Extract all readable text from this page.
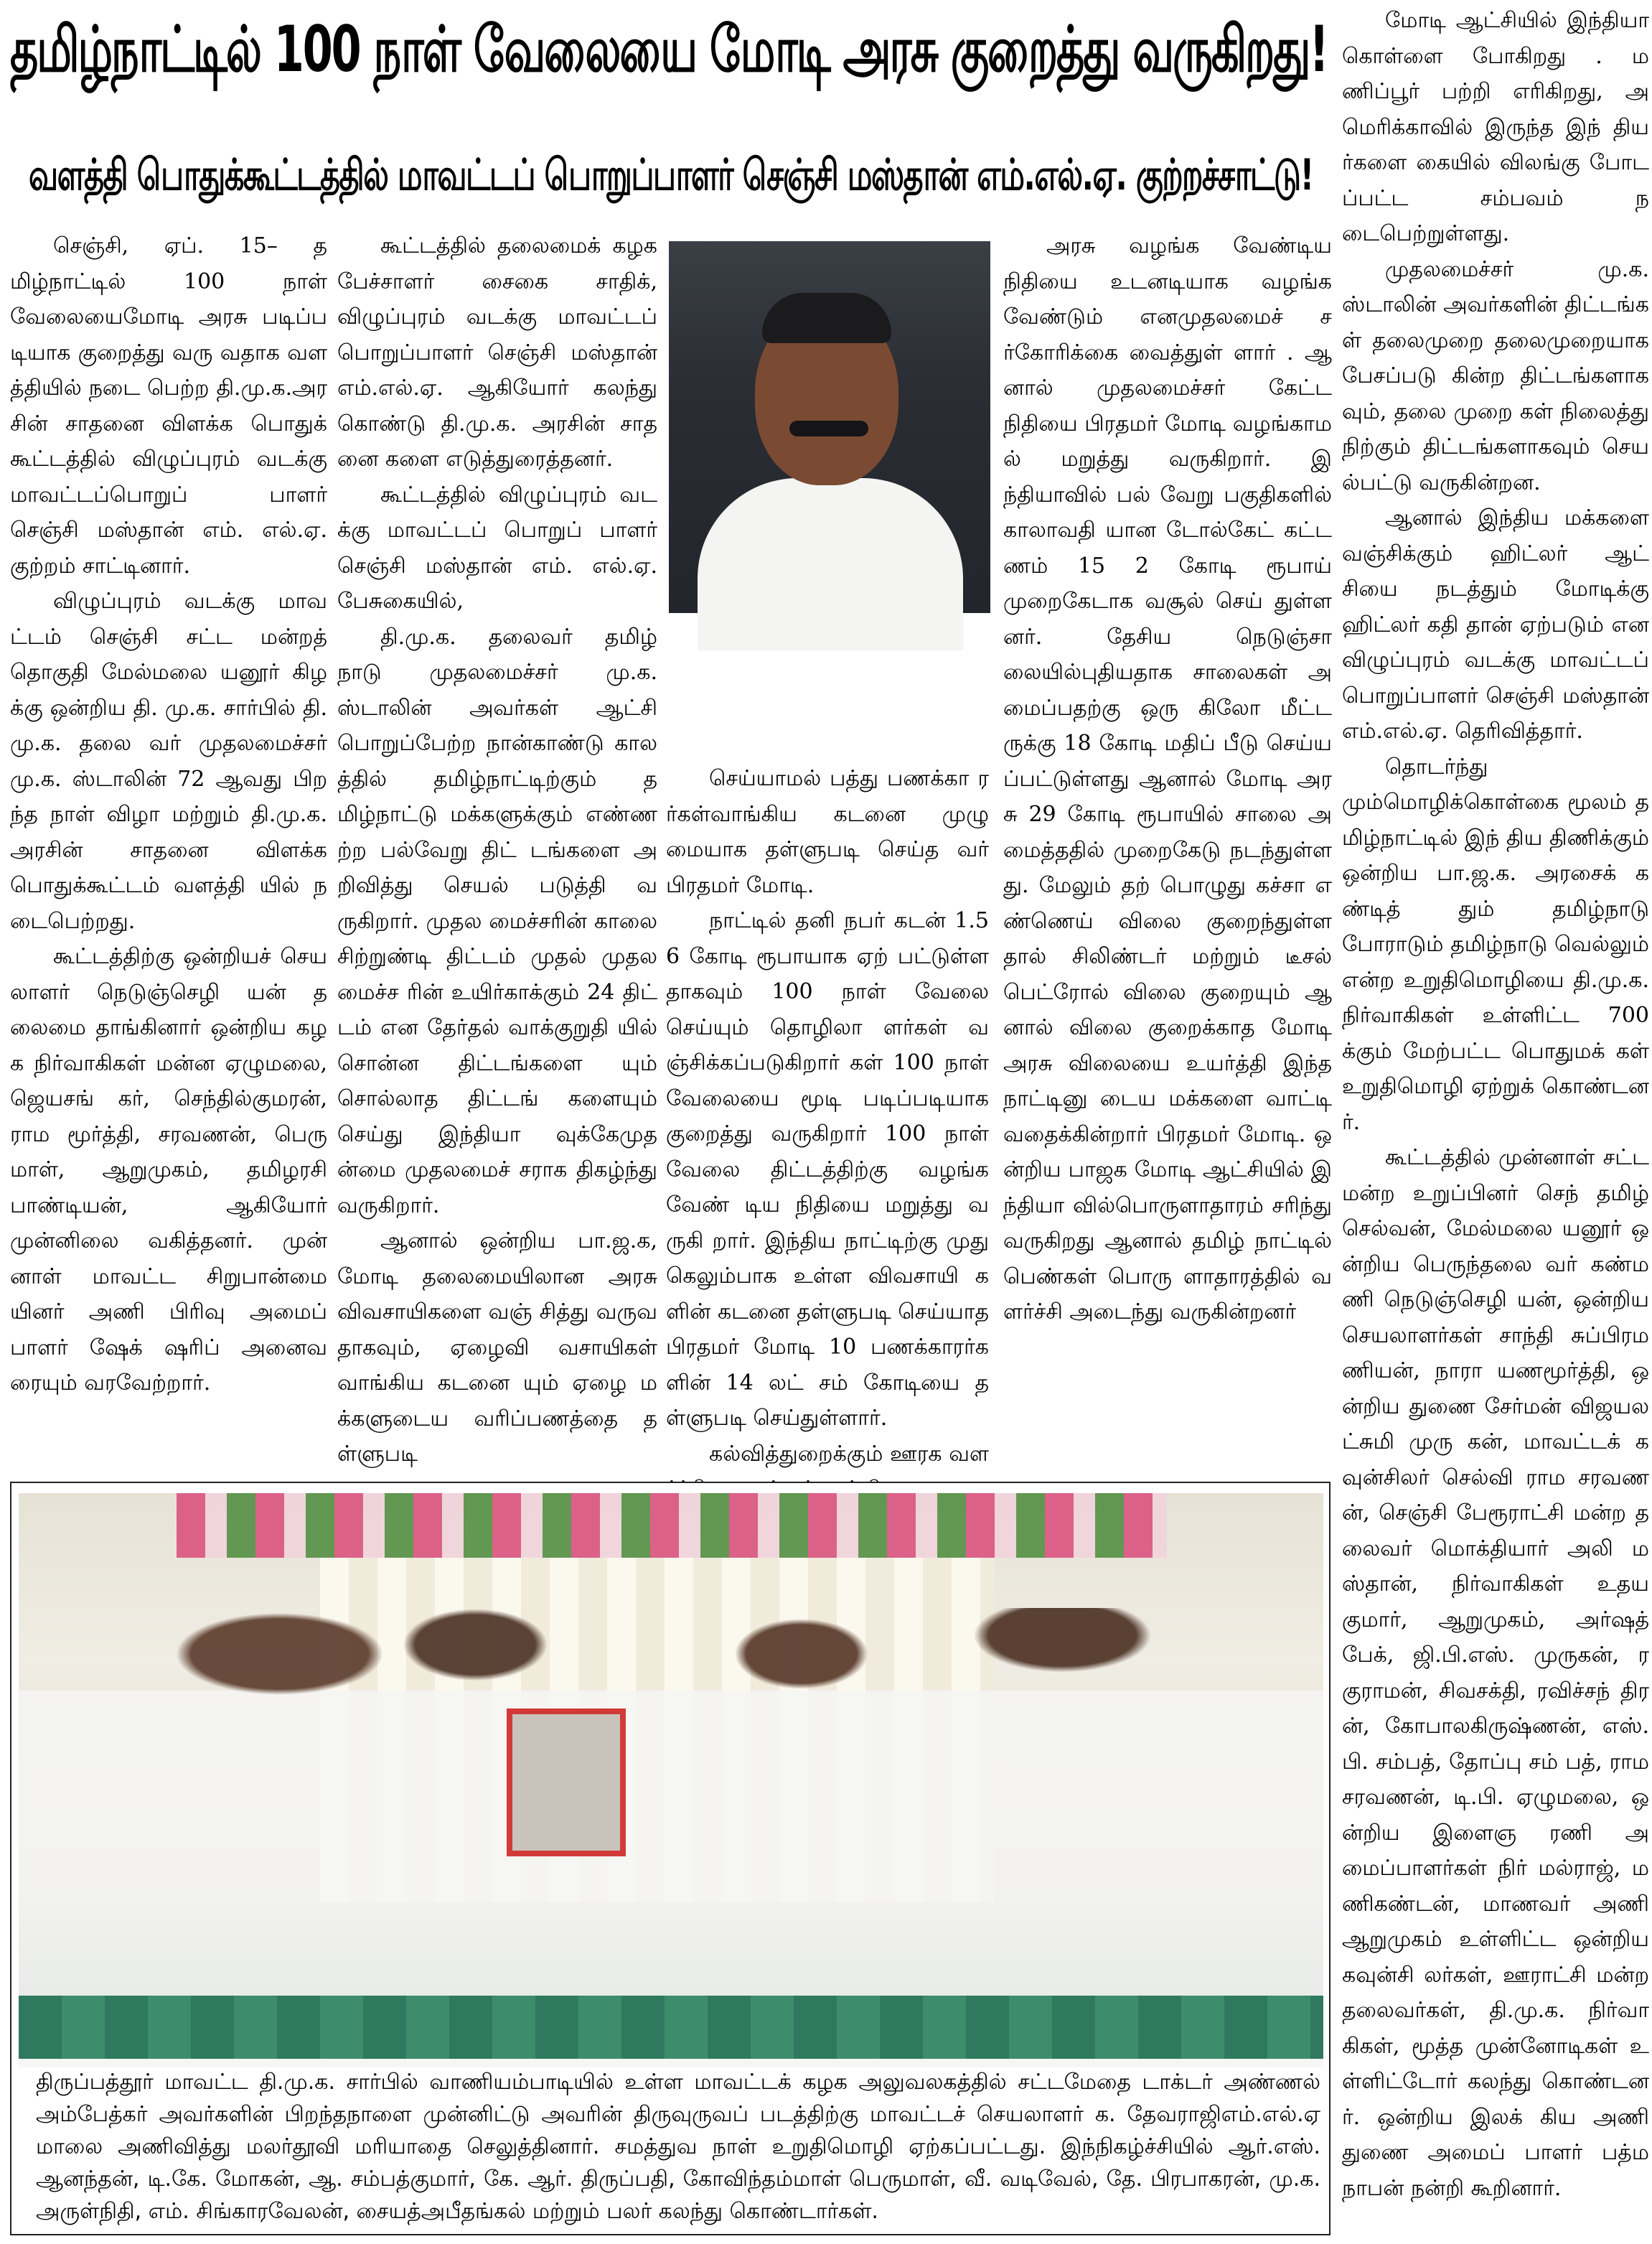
தமிழ்நாட்டில் 100 நாள் வேலையை மோடி அரசு குறைத்து வருகிறது!
வளத்தி பொதுக்கூட்டத்தில் மாவட்டப் பொறுப்பாளர் செஞ்சி மஸ்தான் எம்.எல்.ஏ. குற்றச்சாட்டு!

செஞ்சி, ஏப். 15– தமிழ்நாட்டில் 100 நாள் வேலையைமோடி அரசு படிப்படியாக குறைத்து வரு வதாக வளத்தியில் நடை பெற்ற தி.மு.க.அரசின் சாதனை விளக்க பொதுக் கூட்டத்தில் விழுப்புரம் வடக்கு மாவட்டப்பொறுப் பாளர் செஞ்சி மஸ்தான் எம். எல்.ஏ. குற்றம் சாட்டினார்.

விழுப்புரம் வடக்கு மாவட்டம் செஞ்சி சட்ட மன்றத் தொகுதி மேல்மலை யனூர் கிழக்கு ஒன்றிய தி. மு.க. சார்பில் தி.மு.க. தலை வர் முதலமைச்சர் மு.க. ஸ்டாலின் 72 ஆவது பிறந்த நாள் விழா மற்றும் தி.மு.க. அரசின் சாதனை விளக்க பொதுக்கூட்டம் வளத்தி யில் நடைபெற்றது.

கூட்டத்திற்கு ஒன்றியச் செயலாளர் நெடுஞ்செழி யன் தலைமை தாங்கினார் ஒன்றிய கழக நிர்வாகிகள் மன்ன ஏழுமலை, ஜெயசங் கர், செந்தில்குமரன், ராம மூர்த்தி, சரவணன், பெரு மாள், ஆறுமுகம், தமிழரசி பாண்டியன், ஆகியோர் முன்னிலை வகித்தனர். முன் னாள் மாவட்ட சிறுபான்மை யினர் அணி பிரிவு அமைப் பாளர் ஷேக் ஷரிப் அனைவ ரையும் வரவேற்றார்.

கூட்டத்தில் தலைமைக் கழக பேச்சாளர் சைகை சாதிக், விழுப்புரம் வடக்கு மாவட்டப் பொறுப்பாளர் செஞ்சி மஸ்தான் எம்.எல்.ஏ. ஆகியோர் கலந்து கொண்டு தி.மு.க. அரசின் சாதனை களை எடுத்துரைத்தனர்.

கூட்டத்தில் விழுப்புரம் வடக்கு மாவட்டப் பொறுப் பாளர் செஞ்சி மஸ்தான் எம். எல்.ஏ. பேசுகையில்,

தி.மு.க. தலைவர் தமிழ் நாடு முதலமைச்சர் மு.க. ஸ்டாலின் அவர்கள் ஆட்சி பொறுப்பேற்ற நான்காண்டு காலத்தில் தமிழ்நாட்டிற்கும் தமிழ்நாட்டு மக்களுக்கும் எண்ணற்ற பல்வேறு திட் டங்களை அறிவித்து செயல் படுத்தி வருகிறார். முதல மைச்சரின் காலை சிற்றுண்டி திட்டம் முதல் முதலமைச்ச ரின் உயிர்காக்கும் 24 திட் டம் என தேர்தல் வாக்குறுதி யில் சொன்ன திட்டங்களை யும் சொல்லாத திட்டங் களையும் செய்து இந்தியா வுக்கேமுதன்மை முதலமைச் சராக திகழ்ந்து வருகிறார்.

ஆனால் ஒன்றிய பா.ஜ.க, மோடி தலைமையிலான அரசு விவசாயிகளை வஞ் சித்து வருவதாகவும், ஏழைவி வசாயிகள் வாங்கிய கடனை யும் ஏழை மக்களுடைய வரிப்பணத்தை தள்ளுபடி

செய்யாமல் பத்து பணக்கா ரர்கள்வாங்கிய கடனை முழு மையாக தள்ளுபடி செய்த வர் பிரதமர் மோடி.

நாட்டில் தனி நபர் கடன் 1.56 கோடி ரூபாயாக ஏற் பட்டுள்ளதாகவும் 100 நாள் வேலை செய்யும் தொழிலா ளர்கள் வஞ்சிக்கப்படுகிறார் கள் 100 நாள் வேலையை மூடி படிப்படியாக குறைத்து வருகிறார் 100 நாள் வேலை திட்டத்திற்கு வழங்க வேண் டிய நிதியை மறுத்து வருகி றார். இந்திய நாட்டிற்கு முது கெலும்பாக உள்ள விவசாயி களின் கடனை தள்ளுபடி செய்யாத பிரதமர் மோடி 10 பணக்காரர்களின் 14 லட் சம் கோடியை தள்ளுபடி செய்துள்ளார்.

கல்வித்துறைக்கும் ஊரக வள

அரசு வழங்க வேண்டிய நிதியை உடனடியாக வழங்க வேண்டும் எனமுதலமைச் சர்கோரிக்கை வைத்துள் ளார் . ஆனால் முதலமைச்சர் கேட்ட நிதியை பிரதமர் மோடி வழங்காமல் மறுத்து வருகிறார். இந்தியாவில் பல் வேறு பகுதிகளில் காலாவதி யான டோல்கேட் கட்ட ணம் 15 2 கோடி ரூபாய் முறைகேடாக வசூல் செய் துள்ளனர். தேசிய நெடுஞ்சா லையில்புதியதாக சாலைகள் அமைப்பதற்கு ஒரு கிலோ மீட்டருக்கு 18 கோடி மதிப் பீடு செய்யப்பட்டுள்ளது ஆனால் மோடி அரசு 29 கோடி ரூபாயில் சாலை அமைத்ததில் முறைகேடு நடந்துள்ளது. மேலும் தற் பொழுது கச்சா எண்ணெய் விலை குறைந்துள்ளதால் சிலிண்டர் மற்றும் டீசல் பெட்ரோல் விலை குறையும் ஆனால் விலை குறைக்காத மோடி அரசு விலையை உயர்த்தி இந்த நாட்டினு டைய மக்களை வாட்டி வதைக்கின்றார் பிரதமர் மோடி. ஒன்றிய பாஜக மோடி ஆட்சியில் இந்தியா வில்பொருளாதாரம் சரிந்து வருகிறது ஆனால் தமிழ் நாட்டில் பெண்கள் பொரு ளாதாரத்தில் வளர்ச்சி அடைந்து வருகின்றனர்

மோடி ஆட்சியில் இந்தியா கொள்ளை போகிறது . மணிப்பூர் பற்றி எரிகிறது, அமெரிக்காவில் இருந்த இந் தியர்களை கையில் விலங்கு போடப்பட்ட சம்பவம் நடைபெற்றுள்ளது.

முதலமைச்சர் மு.க. ஸ்டாலின் அவர்களின் திட்டங்கள் தலைமுறை தலைமுறையாக பேசப்படு கின்ற திட்டங்களாகவும், தலை முறை கள் நிலைத்து நிற்கும் திட்டங்களாகவும் செயல்பட்டு வருகின்றன.

ஆனால் இந்திய மக்களை வஞ்சிக்கும் ஹிட்லர் ஆட் சியை நடத்தும் மோடிக்கு ஹிட்லர் கதி தான் ஏற்படும் என விழுப்புரம் வடக்கு மாவட்டப் பொறுப்பாளர் செஞ்சி மஸ்தான் எம்.எல்.ஏ. தெரிவித்தார்.

தொடர்ந்து மும்மொழிக்கொள்கை மூலம் தமிழ்நாட்டில் இந் திய திணிக்கும் ஒன்றிய பா.ஜ.க. அரசைக் கண்டித் தும் தமிழ்நாடு போராடும் தமிழ்நாடு வெல்லும் என்ற உறுதிமொழியை தி.மு.க. நிர்வாகிகள் உள்ளிட்ட 700 க்கும் மேற்பட்ட பொதுமக் கள் உறுதிமொழி ஏற்றுக் கொண்டனர்.

கூட்டத்தில் முன்னாள் சட்டமன்ற உறுப்பினர் செந் தமிழ் செல்வன், மேல்மலை யனூர் ஒன்றிய பெருந்தலை வர் கண்மணி நெடுஞ்செழி யன், ஒன்றிய செயலாளர்கள் சாந்தி சுப்பிரமணியன், நாரா யணமூர்த்தி, ஒன்றிய துணை சேர்மன் விஜயலட்சுமி முரு கன், மாவட்டக் கவுன்சிலர் செல்வி ராம சரவணன், செஞ்சி பேரூராட்சி மன்ற தலைவர் மொக்தியார் அலி மஸ்தான், நிர்வாகிகள் உதய குமார், ஆறுமுகம், அர்ஷத் பேக், ஜி.பி.எஸ். முருகன், ரகுராமன், சிவசக்தி, ரவிச்சந் திரன், கோபாலகிருஷ்ணன், எஸ்.பி. சம்பத், தோப்பு சம் பத், ராமசரவணன், டி.பி. ஏழுமலை, ஒன்றிய இளைஞ ரணி அமைப்பாளர்கள் நிர் மல்ராஜ், மணிகண்டன், மாணவர் அணி ஆறுமுகம் உள்ளிட்ட ஒன்றிய கவுன்சி லர்கள், ஊராட்சி மன்ற தலைவர்கள், தி.மு.க. நிர்வா கிகள், மூத்த முன்னோடிகள் உள்ளிட்டோர் கலந்து கொண்டனர். ஒன்றிய இலக் கிய அணி துணை அமைப் பாளர் பத்மநாபன் நன்றி கூறினார்.

திருப்பத்தூர் மாவட்ட தி.மு.க. சார்பில் வாணியம்பாடியில் உள்ள மாவட்டக் கழக அலுவலகத்தில் சட்டமேதை டாக்டர் அண்ணல் அம்பேத்கர் அவர்களின் பிறந்தநாளை முன்னிட்டு அவரின் திருவுருவப் படத்திற்கு மாவட்டச் செயலாளர் க. தேவராஜிஎம்.எல்.ஏ மாலை அணிவித்து மலர்தூவி மரியாதை செலுத்தினார். சமத்துவ நாள் உறுதிமொழி ஏற்கப்பட்டது. இந்நிகழ்ச்சியில் ஆர்.எஸ். ஆனந்தன், டி.கே. மோகன், ஆ. சம்பத்குமார், கே. ஆர். திருப்பதி, கோவிந்தம்மாள் பெருமாள், வீ. வடிவேல், தே. பிரபாகரன், மு.க. அருள்நிதி, எம். சிங்காரவேலன், சையத்அபீதங்கல் மற்றும் பலர் கலந்து கொண்டார்கள்.
